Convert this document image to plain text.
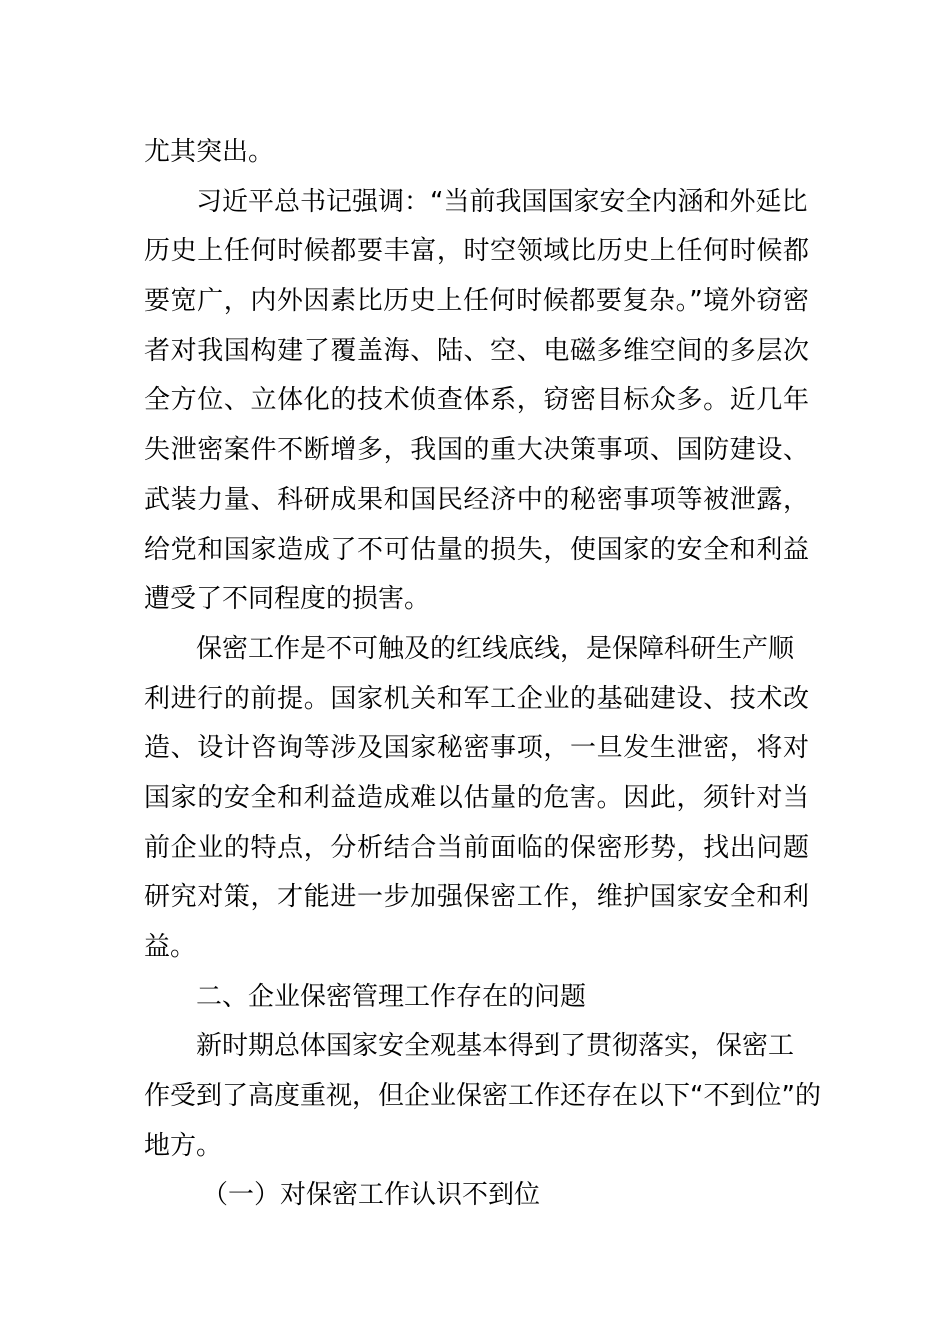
尤其突出。
习近平总书记强调：“当前我国国家安全内涵和外延比
历史上任何时候都要丰富，时空领域比历史上任何时候都
要宽广，内外因素比历史上任何时候都要复杂。”境外窃密
者对我国构建了覆盖海、陆、空、电磁多维空间的多层次
全方位、立体化的技术侦查体系，窃密目标众多。近几年
失泄密案件不断增多，我国的重大决策事项、国防建设、
武装力量、科研成果和国民经济中的秘密事项等被泄露，
给党和国家造成了不可估量的损失，使国家的安全和利益
遭受了不同程度的损害。
保密工作是不可触及的红线底线，是保障科研生产顺
利进行的前提。国家机关和军工企业的基础建设、技术改
造、设计咨询等涉及国家秘密事项，一旦发生泄密，将对
国家的安全和利益造成难以估量的危害。因此，须针对当
前企业的特点，分析结合当前面临的保密形势，找出问题
研究对策，才能进一步加强保密工作，维护国家安全和利
益。
二、企业保密管理工作存在的问题
新时期总体国家安全观基本得到了贯彻落实，保密工
作受到了高度重视，但企业保密工作还存在以下“不到位”的
地方。
（一）对保密工作认识不到位
